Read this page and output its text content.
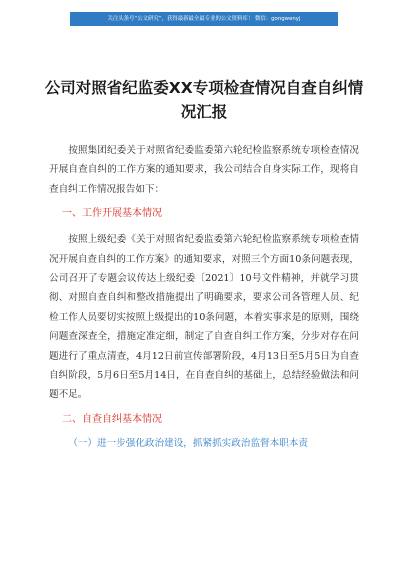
关注头条号“公文研究”，获得最新最全最专业的公文资料库！ 微信：gongwenyj
公司对照省纪监委XX专项检查情况自查自纠情况汇报

按照集团纪委关于对照省纪委监委第六轮纪检监察系统专项检查情况开展自查自纠的工作方案的通知要求，我公司结合自身实际工作，现将自查自纠工作情况报告如下：

一、工作开展基本情况

按照上级纪委《关于对照省纪委监委第六轮纪检监察系统专项检查情况开展自查自纠的工作方案》的通知要求，对照三个方面10条问题表现，公司召开了专题会议传达上级纪委〔2021〕10号文件精神，并就学习贯彻、对照自查自纠和整改措施提出了明确要求，要求公司各管理人员、纪检工作人员要切实按照上级提出的10条问题，本着实事求是的原则，围绕问题查深查全，措施定准定细，制定了自查自纠工作方案，分步对存在问题进行了重点清查，4月12日前宣传部署阶段，4月13日至5月5日为自查自纠阶段，5月6日至5月14日，在自查自纠的基础上，总结经验做法和问题不足。

二、自查自纠基本情况

（一）进一步强化政治建设，抓紧抓实政治监督本职本责
